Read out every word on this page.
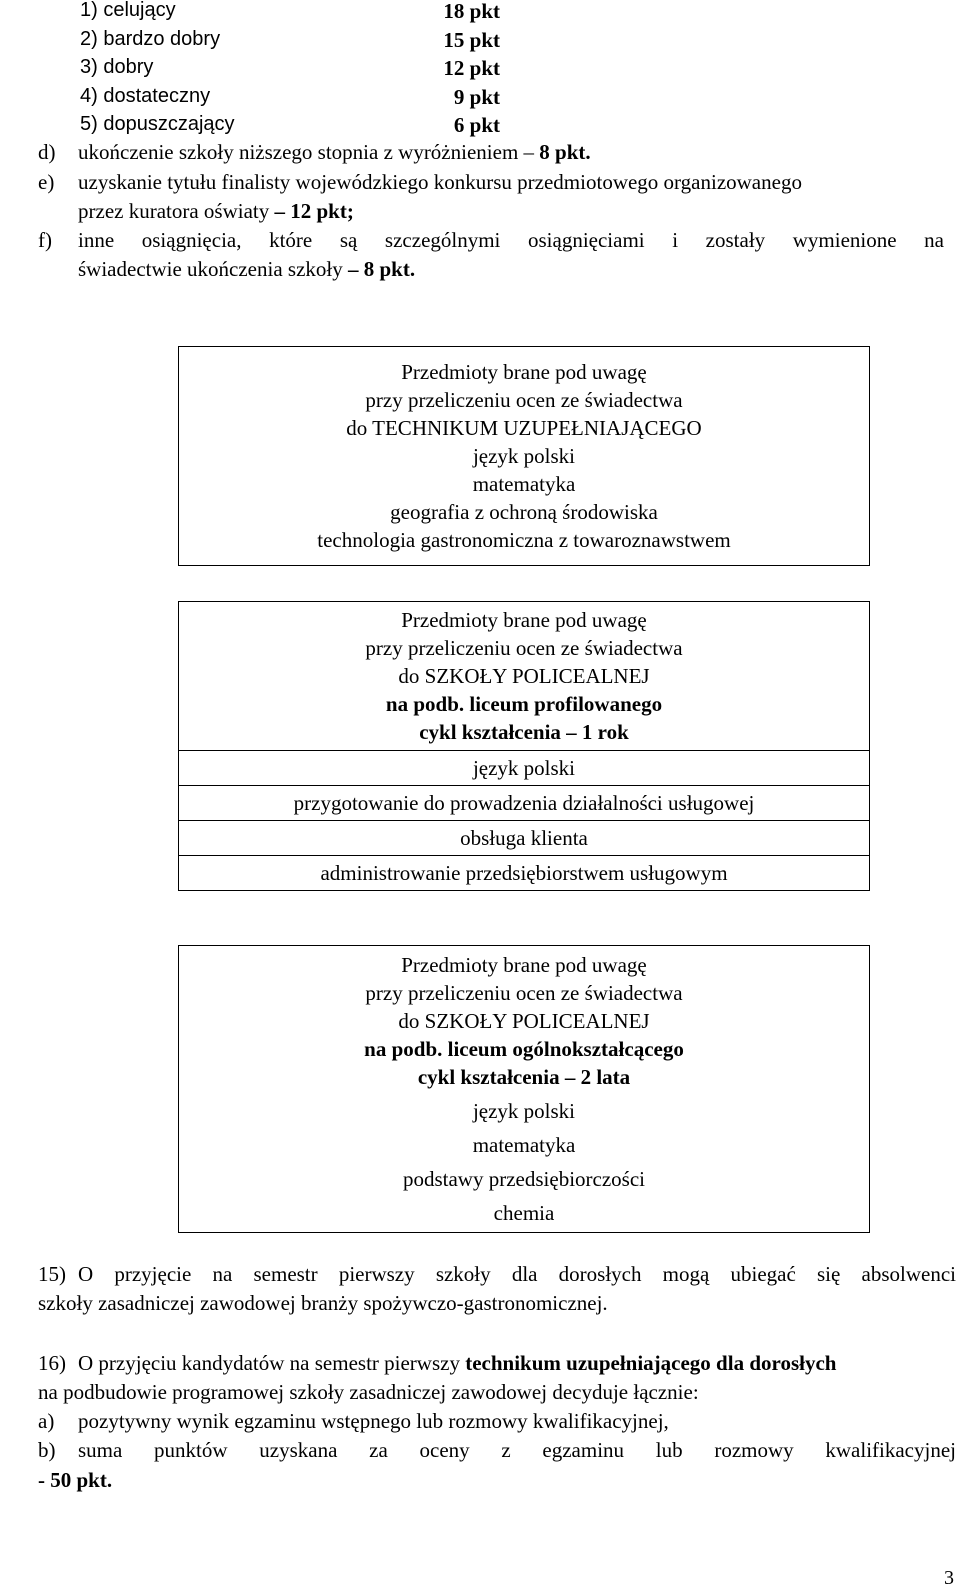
1) celujący	18 pkt
2) bardzo dobry	15 pkt
3) dobry	12 pkt
4) dostateczny	9 pkt
5) dopuszczający	6 pkt
d) ukończenie szkoły niższego stopnia z wyróżnieniem – 8 pkt.
e) uzyskanie tytułu finalisty wojewódzkiego konkursu przedmiotowego organizowanego
przez kuratora oświaty – 12 pkt;
f) inne osiągnięcia, które są szczególnymi osiągnięciami i zostały wymienione na
świadectwie ukończenia szkoły – 8 pkt.
Przedmioty brane pod uwagę
przy przeliczeniu ocen ze świadectwa
do TECHNIKUM UZUPEŁNIAJĄCEGO
język polski
matematyka
geografia z ochroną środowiska
technologia gastronomiczna z towaroznawstwem
Przedmioty brane pod uwagę
przy przeliczeniu ocen ze świadectwa
do SZKOŁY POLICEALNEJ
na podb. liceum profilowanego
cykl kształcenia – 1 rok

język polski
przygotowanie do prowadzenia działalności usługowej
obsługa klienta
administrowanie przedsiębiorstwem usługowym
Przedmioty brane pod uwagę
przy przeliczeniu ocen ze świadectwa
do SZKOŁY POLICEALNEJ
na podb. liceum ogólnokształcącego
cykl kształcenia – 2 lata
język polski
matematyka
podstawy przedsiębiorczości
chemia
15) O przyjęcie na semestr pierwszy szkoły dla dorosłych mogą ubiegać się absolwenci
szkoły zasadniczej zawodowej branży spożywczo-gastronomicznej.
16) O przyjęciu kandydatów na semestr pierwszy technikum uzupełniającego dla dorosłych
na podbudowie programowej szkoły zasadniczej zawodowej decyduje łącznie:
a) pozytywny wynik egzaminu wstępnego lub rozmowy kwalifikacyjnej,
b) suma punktów uzyskana za oceny z egzaminu lub rozmowy kwalifikacyjnej
- 50 pkt.
3
